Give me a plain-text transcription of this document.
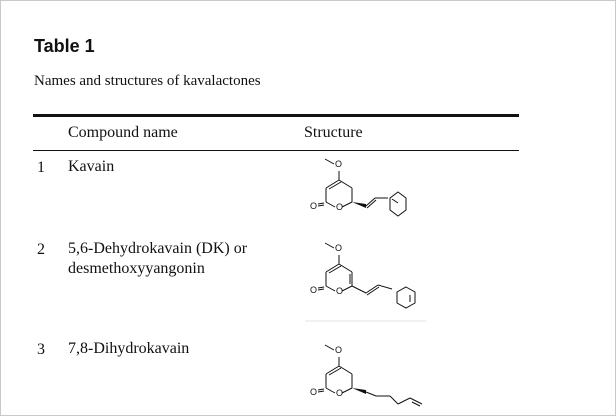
Table 1
Names and structures of kavalactones
Compound name	Structure
1 Kavain	O
O
O
2 5,6-Dehydrokavain (DK) or desmethoxyyangonin
O
O
O
3 7,8-Dihydrokavain	O
O
O
